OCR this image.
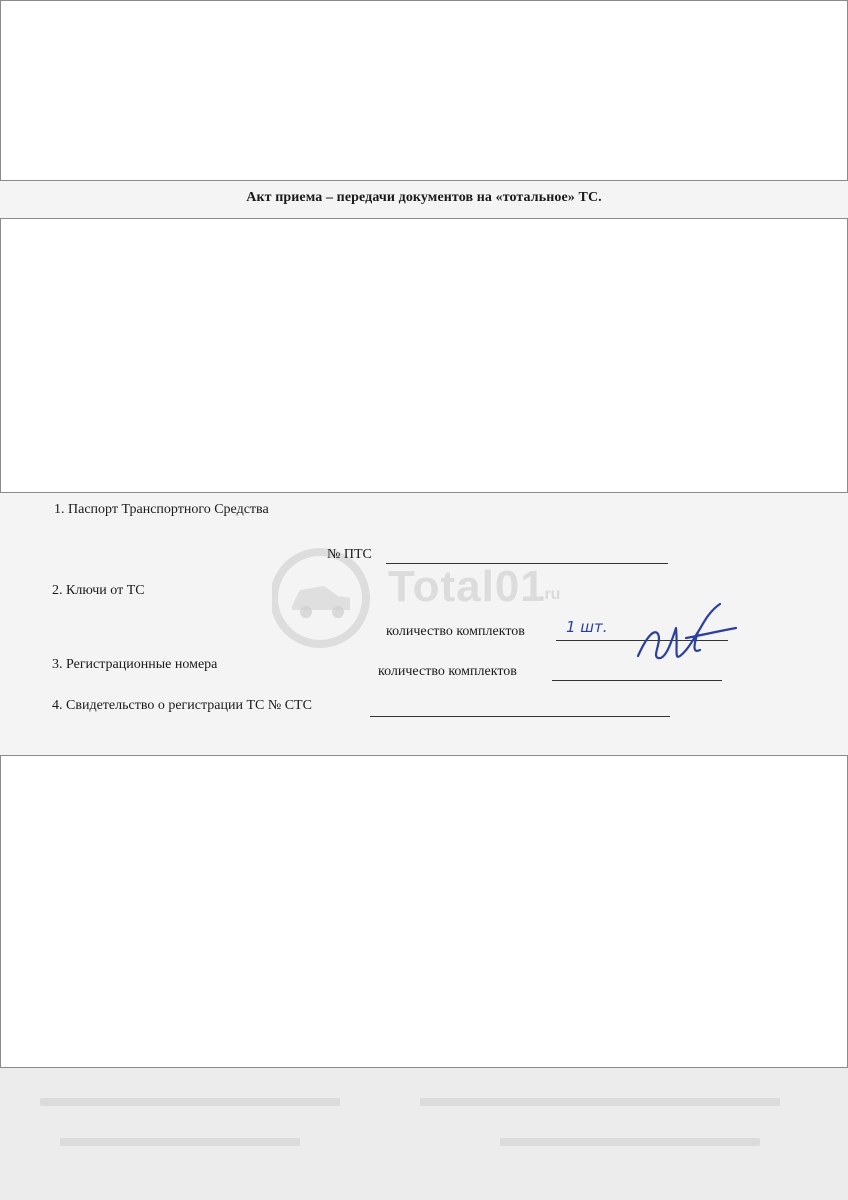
Акт приема – передачи документов на «тотальное» ТС.
Total01
.ru
1. Паспорт Транспортного Средства
№ ПТС
2. Ключи от ТС
количество комплектов	1 шт.
3. Регистрационные номера	количество комплектов
4. Свидетельство о регистрации ТС № СТС
